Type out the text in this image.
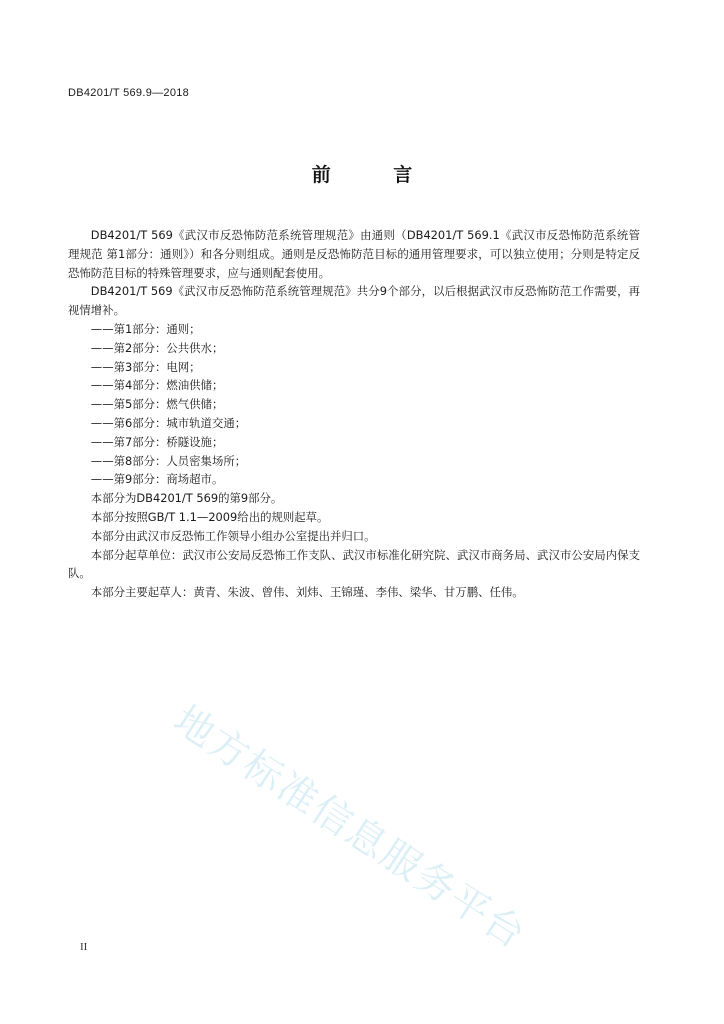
DB4201/T 569.9—2018
前 言

DB4201/T 569《武汉市反恐怖防范系统管理规范》由通则（DB4201/T 569.1《武汉市反恐怖防范系统管理规范 第1部分：通则》）和各分则组成。通则是反恐怖防范目标的通用管理要求，可以独立使用；分则是特定反恐怖防范目标的特殊管理要求，应与通则配套使用。

DB4201/T 569《武汉市反恐怖防范系统管理规范》共分9个部分，以后根据武汉市反恐怖防范工作需要，再视情增补。

——第1部分：通则；

——第2部分：公共供水；

——第3部分：电网；

——第4部分：燃油供储；

——第5部分：燃气供储；

——第6部分：城市轨道交通；

——第7部分：桥隧设施；

——第8部分：人员密集场所；

——第9部分：商场超市。

本部分为DB4201/T 569的第9部分。

本部分按照GB/T 1.1—2009给出的规则起草。

本部分由武汉市反恐怖工作领导小组办公室提出并归口。

本部分起草单位：武汉市公安局反恐怖工作支队、武汉市标准化研究院、武汉市商务局、武汉市公安局内保支队。

本部分主要起草人：黄青、朱波、曾伟、刘炜、王锦瑾、李伟、梁华、甘万鹏、任伟。

地方标准信息服务平台
II
